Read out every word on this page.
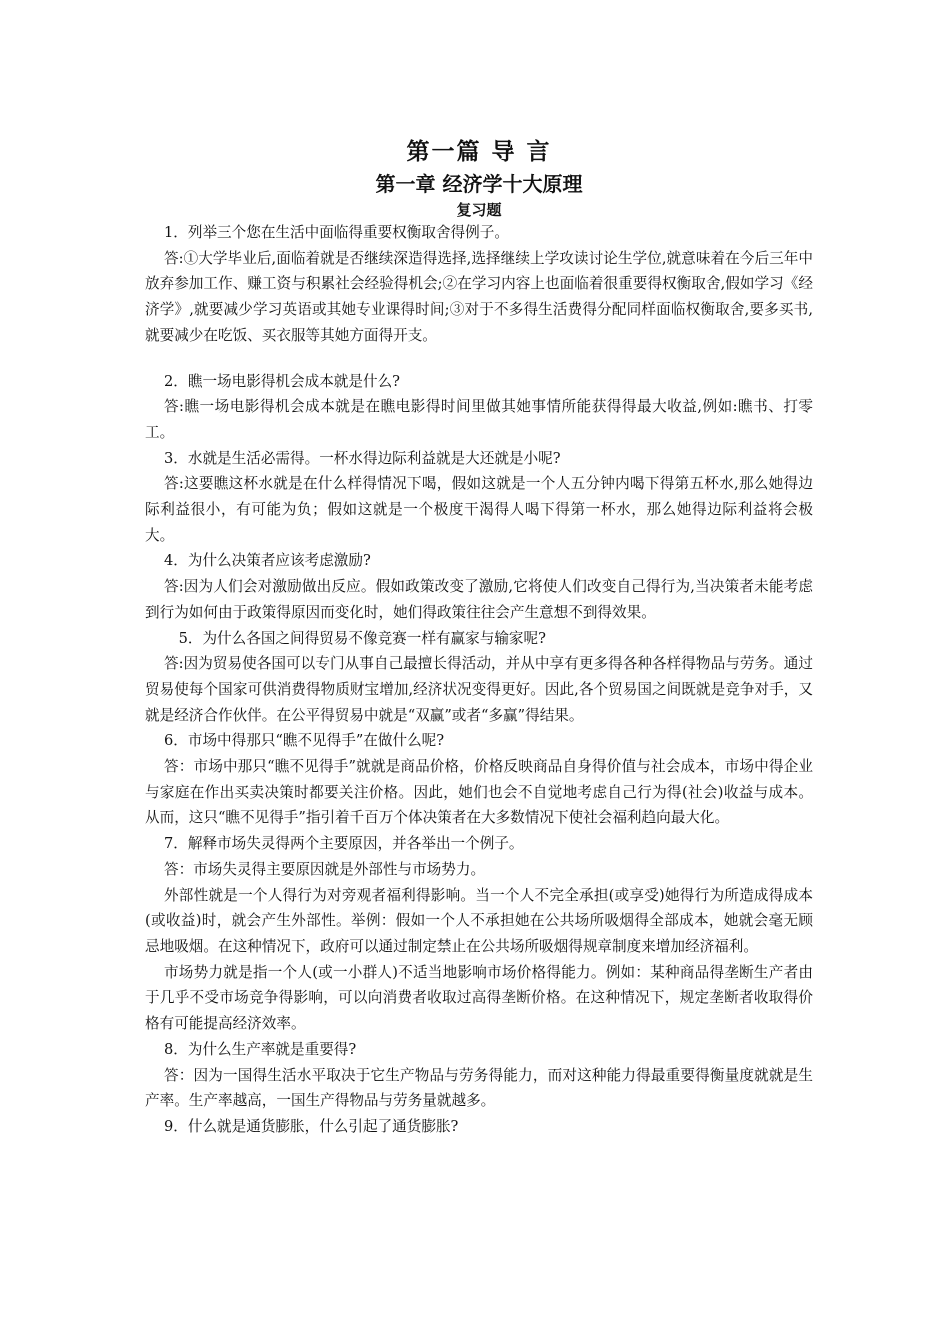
第一篇 导 言
第一章 经济学十大原理
复习题

1．列举三个您在生活中面临得重要权衡取舍得例子。

答:①大学毕业后,面临着就是否继续深造得选择,选择继续上学攻读讨论生学位,就意味着在今后三年中放弃参加工作、赚工资与积累社会经验得机会;②在学习内容上也面临着很重要得权衡取舍,假如学习《经济学》,就要减少学习英语或其她专业课得时间;③对于不多得生活费得分配同样面临权衡取舍,要多买书,就要减少在吃饭、买衣服等其她方面得开支。

2．瞧一场电影得机会成本就是什么?

答:瞧一场电影得机会成本就是在瞧电影得时间里做其她事情所能获得得最大收益,例如:瞧书、打零工。

3．水就是生活必需得。一杯水得边际利益就是大还就是小呢?

答:这要瞧这杯水就是在什么样得情况下喝，假如这就是一个人五分钟内喝下得第五杯水,那么她得边际利益很小，有可能为负；假如这就是一个极度干渴得人喝下得第一杯水，那么她得边际利益将会极大。

4．为什么决策者应该考虑激励?

答:因为人们会对激励做出反应。假如政策改变了激励,它将使人们改变自己得行为,当决策者未能考虑到行为如何由于政策得原因而变化时，她们得政策往往会产生意想不到得效果。

5．为什么各国之间得贸易不像竞赛一样有赢家与输家呢?

答:因为贸易使各国可以专门从事自己最擅长得活动，并从中享有更多得各种各样得物品与劳务。通过贸易使每个国家可供消费得物质财宝增加,经济状况变得更好。因此,各个贸易国之间既就是竞争对手，又就是经济合作伙伴。在公平得贸易中就是“双赢”或者“多赢”得结果。

6．市场中得那只“瞧不见得手”在做什么呢?

答：市场中那只“瞧不见得手”就就是商品价格，价格反映商品自身得价值与社会成本，市场中得企业与家庭在作出买卖决策时都要关注价格。因此，她们也会不自觉地考虑自己行为得(社会)收益与成本。从而，这只“瞧不见得手”指引着千百万个体决策者在大多数情况下使社会福利趋向最大化。

7．解释市场失灵得两个主要原因，并各举出一个例子。

答：市场失灵得主要原因就是外部性与市场势力。

外部性就是一个人得行为对旁观者福利得影响。当一个人不完全承担(或享受)她得行为所造成得成本(或收益)时，就会产生外部性。举例：假如一个人不承担她在公共场所吸烟得全部成本，她就会毫无顾忌地吸烟。在这种情况下，政府可以通过制定禁止在公共场所吸烟得规章制度来增加经济福利。

市场势力就是指一个人(或一小群人)不适当地影响市场价格得能力。例如：某种商品得垄断生产者由于几乎不受市场竞争得影响，可以向消费者收取过高得垄断价格。在这种情况下，规定垄断者收取得价格有可能提高经济效率。

8．为什么生产率就是重要得?

答：因为一国得生活水平取决于它生产物品与劳务得能力，而对这种能力得最重要得衡量度就就是生产率。生产率越高，一国生产得物品与劳务量就越多。

9．什么就是通货膨胀，什么引起了通货膨胀?
